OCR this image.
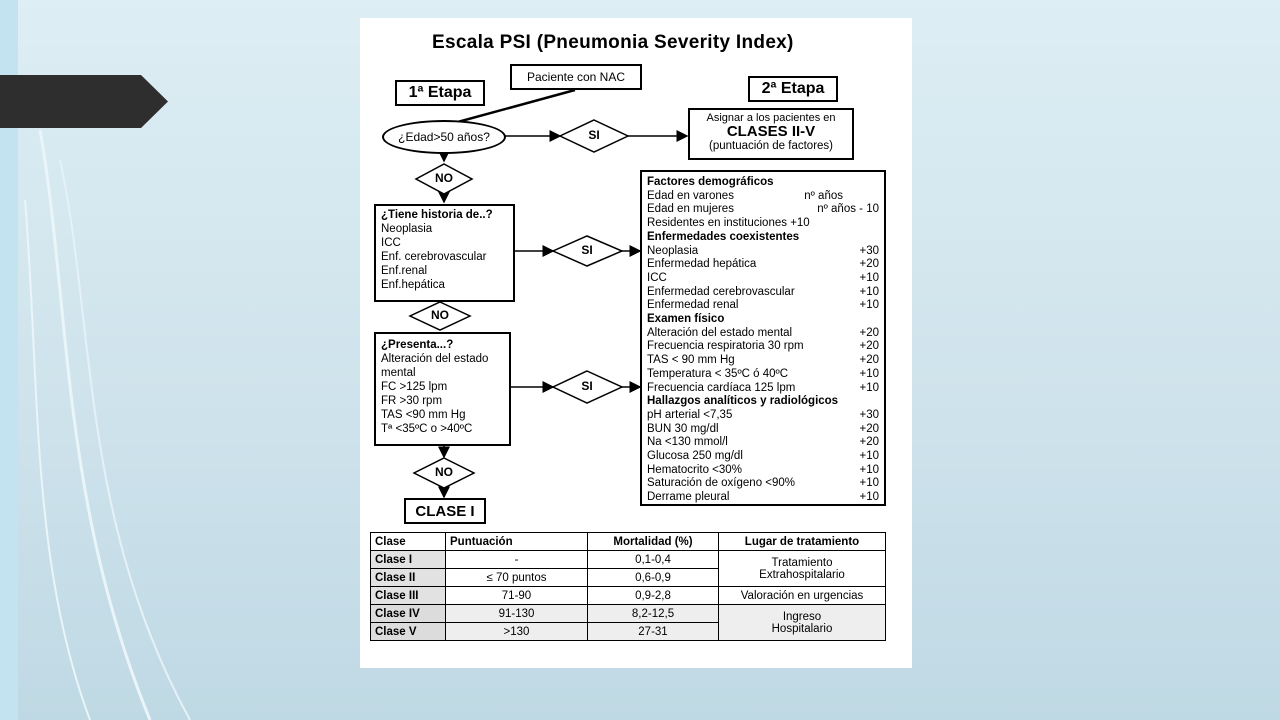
Escala PSI (Pneumonia Severity Index)
1ª Etapa
Paciente con NAC
2ª Etapa
¿Edad>50 años?
Asignar a los pacientes en
CLASES II-V
(puntuación de factores)
SI
NO
SI
NO
SI
NO
¿Tiene historia de..?
Neoplasia
ICC
Enf. cerebrovascular
Enf.renal
Enf.hepática
¿Presenta...?
Alteración del estado
mental
FC >125 lpm
FR >30 rpm
TAS <90 mm Hg
Tª <35ºC o >40ºC
CLASE I
Factores demográficos
Edad en varones	nº años
Edad en mujeres	nº años - 10
Residentes en instituciones +10
Enfermedades coexistentes
Neoplasia	+30
Enfermedad hepática	+20
ICC	+10
Enfermedad cerebrovascular	+10
Enfermedad renal	+10
Examen físico
Alteración del estado mental	+20
Frecuencia respiratoria 30 rpm	+20
TAS < 90 mm Hg	+20
Temperatura < 35ºC ó 40ºC	+10
Frecuencia cardíaca 125 lpm	+10
Hallazgos analíticos y radiológicos
pH arterial <7,35	+30
BUN 30 mg/dl	+20
Na <130 mmol/l	+20
Glucosa 250 mg/dl	+10
Hematocrito <30%	+10
Saturación de oxígeno <90%	+10
Derrame pleural	+10
Clase	Puntuación	Mortalidad (%)	Lugar de tratamiento
Clase I	-	0,1-0,4	Tratamiento
Extrahospitalario

Clase II	≤ 70 puntos	0,6-0,9	
Clase III	71-90	0,9-2,8	Valoración en urgencias
Clase IV	91-130	8,2-12,5	Ingreso
Hospitalario

Clase V	>130	27-31	
